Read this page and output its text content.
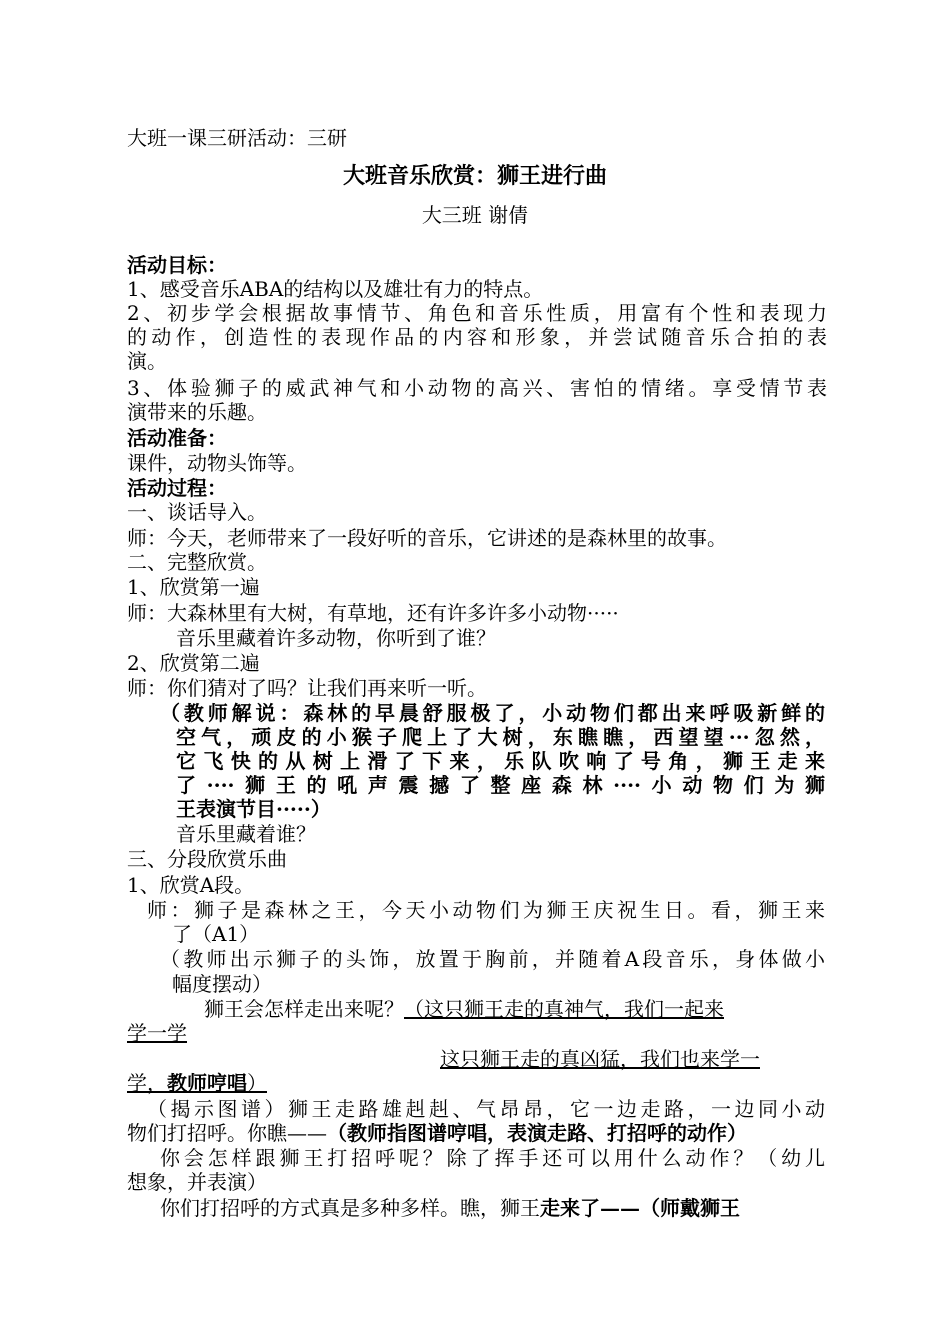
大班一课三研活动：三研
大班音乐欣赏：狮王进行曲
大三班 谢倩
活动目标：
1、感受音乐ABA的结构以及雄壮有力的特点。
2、初步学会根据故事情节、角色和音乐性质，用富有个性和表现力
的动作，创造性的表现作品的内容和形象，并尝试随音乐合拍的表
演。
3、体验狮子的威武神气和小动物的高兴、害怕的情绪。享受情节表
演带来的乐趣。
活动准备：
课件，动物头饰等。
活动过程：
一、谈话导入。
师：今天，老师带来了一段好听的音乐，它讲述的是森林里的故事。
二、完整欣赏。
1、欣赏第一遍
师：大森林里有大树，有草地，还有许多许多小动物·····
音乐里藏着许多动物，你听到了谁？
2、欣赏第二遍
师：你们猜对了吗？让我们再来听一听。
（教师解说：森林的早晨舒服极了，小动物们都出来呼吸新鲜的
空气，顽皮的小猴子爬上了大树，东瞧瞧，西望望···忽然，
它飞快的从树上滑了下来，乐队吹响了号角，狮王走来
了····狮王的吼声震撼了整座森林····小动物们为狮
王表演节目·····）
音乐里藏着谁？
三、分段欣赏乐曲
1、欣赏A段。
师：狮子是森林之王，今天小动物们为狮王庆祝生日。看，狮王来
了（A1）
（教师出示狮子的头饰，放置于胸前，并随着A段音乐，身体做小
幅度摆动）
狮王会怎样走出来呢？（这只狮王走的真神气，我们一起来
学一学
这只狮王走的真凶猛，我们也来学一
学，教师哼唱）
（揭示图谱）狮王走路雄赳赳、气昂昂，它一边走路，一边同小动
物们打招呼。你瞧——（教师指图谱哼唱，表演走路、打招呼的动作）
你会怎样跟狮王打招呼呢？除了挥手还可以用什么动作？（幼儿
想象，并表演）
你们打招呼的方式真是多种多样。瞧，狮王走来了——（师戴狮王
